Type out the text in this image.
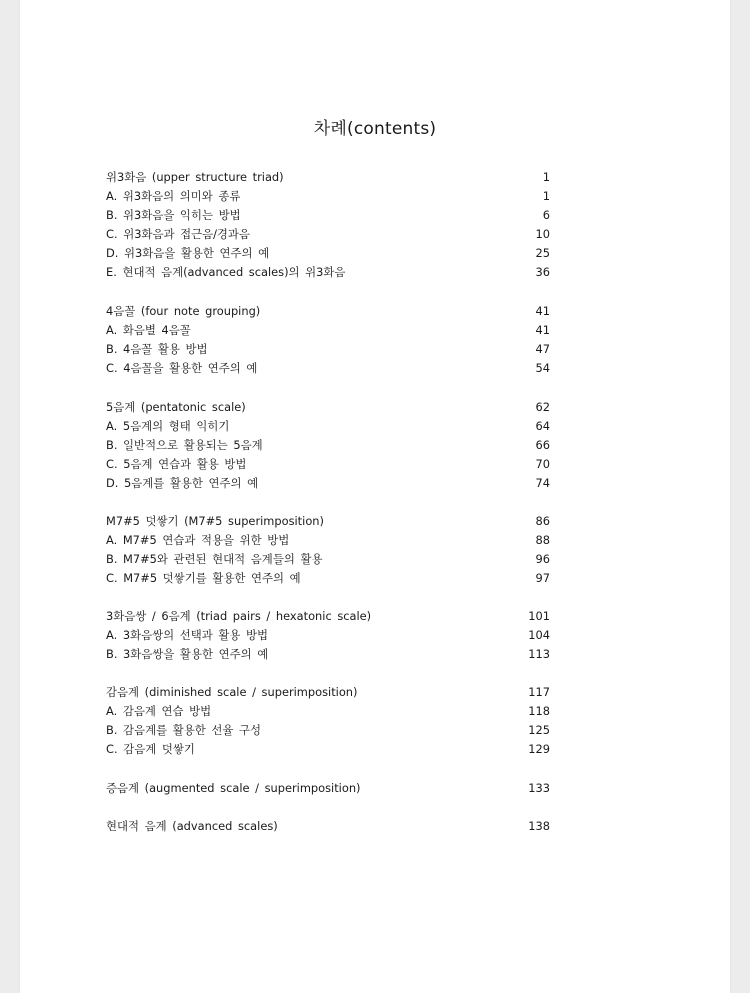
차례(contents)
위3화음 (upper structure triad)	1
A. 위3화음의 의미와 종류	1
B. 위3화음을 익히는 방법	6
C. 위3화음과 접근음/경과음	10
D. 위3화음을 활용한 연주의 예	25
E. 현대적 음계(advanced scales)의 위3화음	36
4음꼴 (four note grouping)	41
A. 화음별 4음꼴	41
B. 4음꼴 활용 방법	47
C. 4음꼴을 활용한 연주의 예	54
5음계 (pentatonic scale)	62
A. 5음계의 형태 익히기	64
B. 일반적으로 활용되는 5음계	66
C. 5음계 연습과 활용 방법	70
D. 5음계를 활용한 연주의 예	74
M7#5 덧쌓기 (M7#5 superimposition)	86
A. M7#5 연습과 적용을 위한 방법	88
B. M7#5와 관련된 현대적 음계들의 활용	96
C. M7#5 덧쌓기를 활용한 연주의 예	97
3화음쌍 / 6음계 (triad pairs / hexatonic scale)	101
A. 3화음쌍의 선택과 활용 방법	104
B. 3화음쌍을 활용한 연주의 예	113
감음계 (diminished scale / superimposition)	117
A. 감음계 연습 방법	118
B. 감음계를 활용한 선율 구성	125
C. 감음계 덧쌓기	129
증음계 (augmented scale / superimposition)	133
현대적 음계 (advanced scales)	138
